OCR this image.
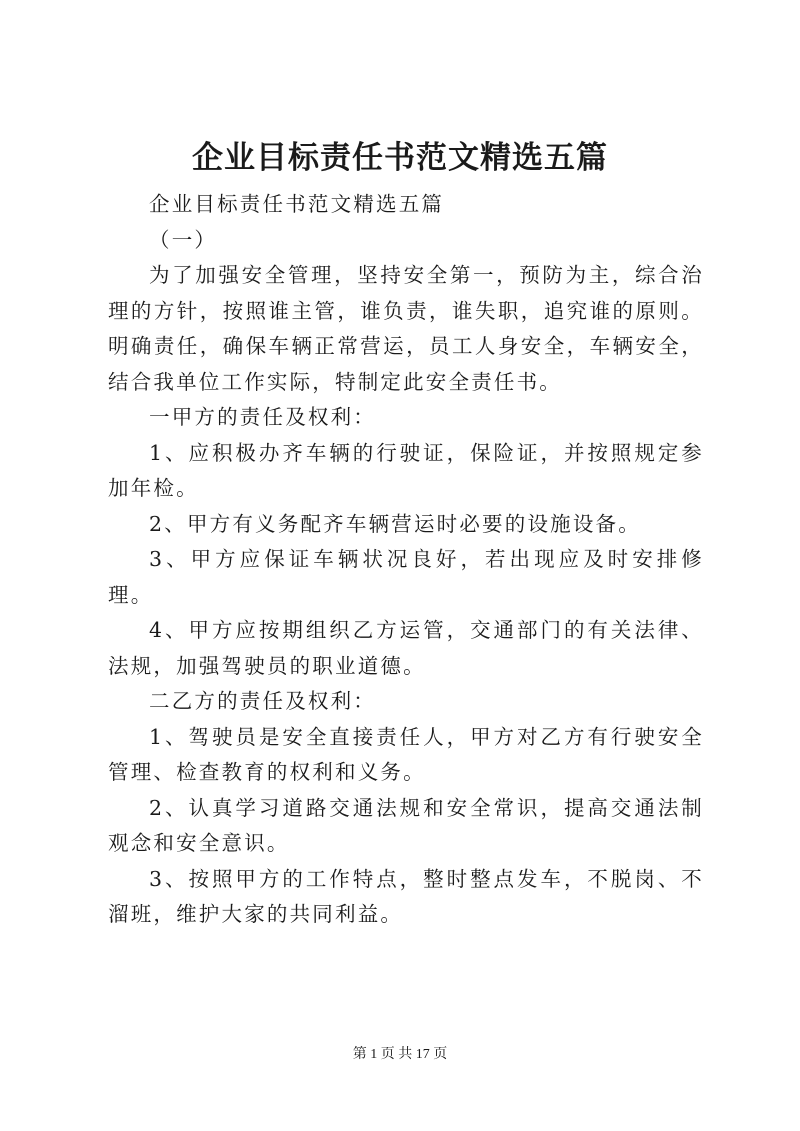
企业目标责任书范文精选五篇

企业目标责任书范文精选五篇

（一）

为了加强安全管理，坚持安全第一，预防为主，综合治理的方针，按照谁主管，谁负责，谁失职，追究谁的原则。明确责任，确保车辆正常营运，员工人身安全，车辆安全，结合我单位工作实际，特制定此安全责任书。

一甲方的责任及权利：

1、应积极办齐车辆的行驶证，保险证，并按照规定参加年检。

2、甲方有义务配齐车辆营运时必要的设施设备。

3、甲方应保证车辆状况良好，若出现应及时安排修理。

4、甲方应按期组织乙方运管，交通部门的有关法律、法规，加强驾驶员的职业道德。

二乙方的责任及权利：

1、驾驶员是安全直接责任人，甲方对乙方有行驶安全管理、检查教育的权利和义务。

2、认真学习道路交通法规和安全常识，提高交通法制观念和安全意识。

3、按照甲方的工作特点，整时整点发车，不脱岗、不溜班，维护大家的共同利益。

第 1 页 共 17 页
